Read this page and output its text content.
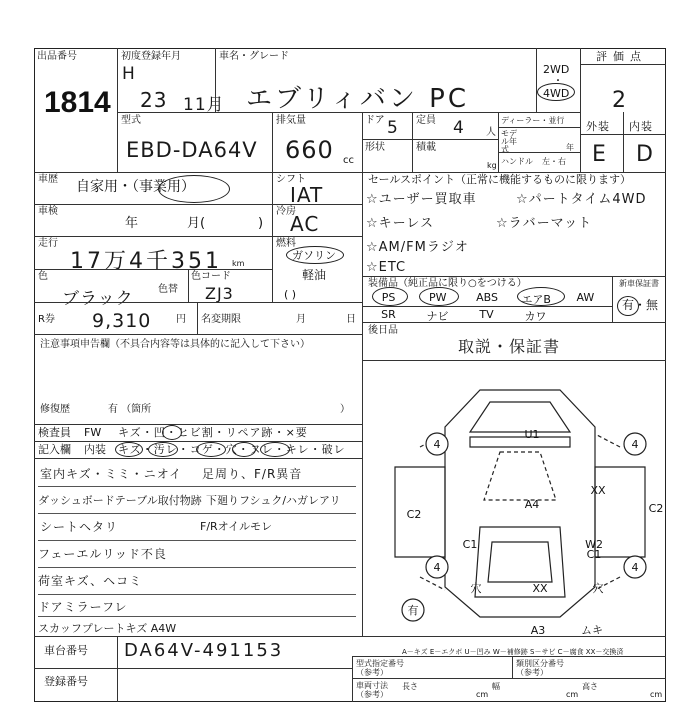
出品番号
1814
初度登録年月
H
23 11月
車名・グレード
エブリィバン PC
2WD
・
4WD
評価点
2
型式
EBD-DA64V
排気量
660 cc
ドア 5 定員 4 人
形状	積載
kg
ディーラー・並行
モデル年式	年
ハンドル 左・右
外装 内装
E D
車歴 自家用・（事業用）	シフト
IAT
車検
年	月(	)
冷房
AC
走行
17万4千351 km
燃料
ガソリン
軽油
( )
色
ブラック 色替
色コード
ZJ3
R券 9,310 円 名変期限	月	日
注意事項申告欄（不具合内容等は具体的に記入して下さい）
修復歴	有 （箇所	）
セールスポイント（正常に機能するものに限ります）
☆ユーザー買取車	☆パートタイム4WD
☆キーレス	☆ラバーマット
☆AM/FMラジオ
☆ETC
装備品（純正品に限り○をつける）	新車保証書
有・無
PS	PW	ABS	エアB	AW
SR	ナビ	TV	カワ
後日品
取説・保証書
検査員 FW キズ・凹・ヒビ割・リペア跡・×要
記入欄 内装 キズ・汚レ・コゲ・穴・ヌレ・キレ・破レ
室内キズ・ミミ・ニオイ 足周り、F/R異音
ダッシュボードテーブル取付物跡 下廻りフシュク/ハガレアリ
シートヘタリ	F/Rオイルモレ
フェーエルリッド不良
荷室キズ、ヘコミ
ドアミラーフレ
スカッフプレートキズ A4W
4	4
4	4
有
U1
A4
XX
C2	C2
C1	W2
C1
穴	XX	穴
A3	ムキ
A－キズ E－エクボ U－凹み W－補修跡 S－サビ C－腐食 XX－交換済
車台番号 DA64V-491153
登録番号
型式指定番号（参考）
類別区分番号（参考）
車両寸法（参考）
長さ
cm
幅
cm
高さ
cm
